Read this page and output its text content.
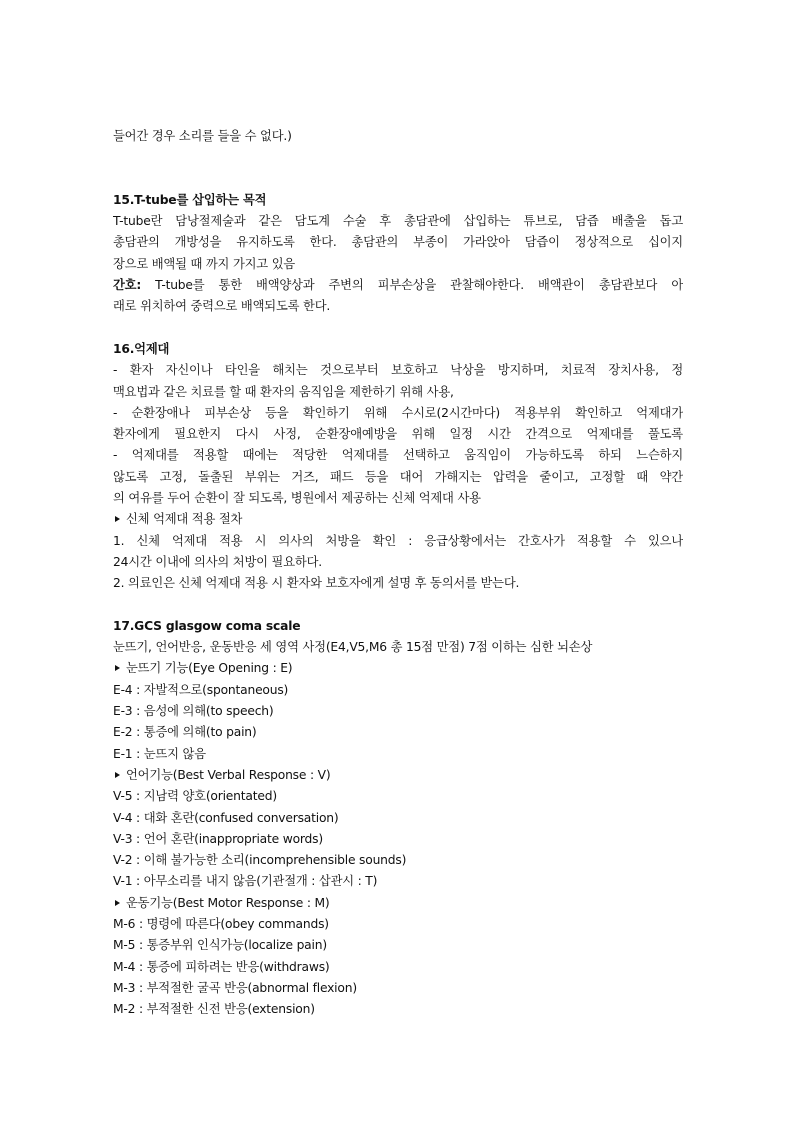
들어간 경우 소리를 들을 수 없다.)
15.T-tube를 삽입하는 목적
T-tube란 담낭절제술과 같은 담도계 수술 후 총담관에 삽입하는 튜브로, 담즙 배출을 돕고
총담관의 개방성을 유지하도록 한다. 총담관의 부종이 가라앉아 담즙이 정상적으로 십이지
장으로 배액될 때 까지 가지고 있음
간호: T-tube를 통한 배액양상과 주변의 피부손상을 관찰해야한다. 배액관이 총담관보다 아
래로 위치하여 중력으로 배액되도록 한다.
16.억제대
- 환자 자신이나 타인을 해치는 것으로부터 보호하고 낙상을 방지하며, 치료적 장치사용, 정
맥요법과 같은 치료를 할 때 환자의 움직임을 제한하기 위해 사용,
- 순환장애나 피부손상 등을 확인하기 위해 수시로(2시간마다) 적용부위 확인하고 억제대가
환자에게 필요한지 다시 사정, 순환장애예방을 위해 일정 시간 간격으로 억제대를 풀도록
- 억제대를 적용할 때에는 적당한 억제대를 선택하고 움직임이 가능하도록 하되 느슨하지
않도록 고정, 돌출된 부위는 거즈, 패드 등을 대어 가해지는 압력을 줄이고, 고정할 때 약간
의 여유를 두어 순환이 잘 되도록, 병원에서 제공하는 신체 억제대 사용
신체 억제대 적용 절차
1. 신체 억제대 적용 시 의사의 처방을 확인 : 응급상황에서는 간호사가 적용할 수 있으나
24시간 이내에 의사의 처방이 필요하다.
2. 의료인은 신체 억제대 적용 시 환자와 보호자에게 설명 후 동의서를 받는다.
17.GCS glasgow coma scale
눈뜨기, 언어반응, 운동반응 세 영역 사정(E4,V5,M6 총 15점 만점) 7점 이하는 심한 뇌손상
눈뜨기 기능(Eye Opening : E)
E-4 : 자발적으로(spontaneous)
E-3 : 음성에 의해(to speech)
E-2 : 통증에 의해(to pain)
E-1 : 눈뜨지 않음
언어기능(Best Verbal Response : V)
V-5 : 지남력 양호(orientated)
V-4 : 대화 혼란(confused conversation)
V-3 : 언어 혼란(inappropriate words)
V-2 : 이해 불가능한 소리(incomprehensible sounds)
V-1 : 아무소리를 내지 않음(기관절개 : 삽관시 : T)
운동기능(Best Motor Response : M)
M-6 : 명령에 따른다(obey commands)
M-5 : 통증부위 인식가능(localize pain)
M-4 : 통증에 피하려는 반응(withdraws)
M-3 : 부적절한 굴곡 반응(abnormal flexion)
M-2 : 부적절한 신전 반응(extension)
